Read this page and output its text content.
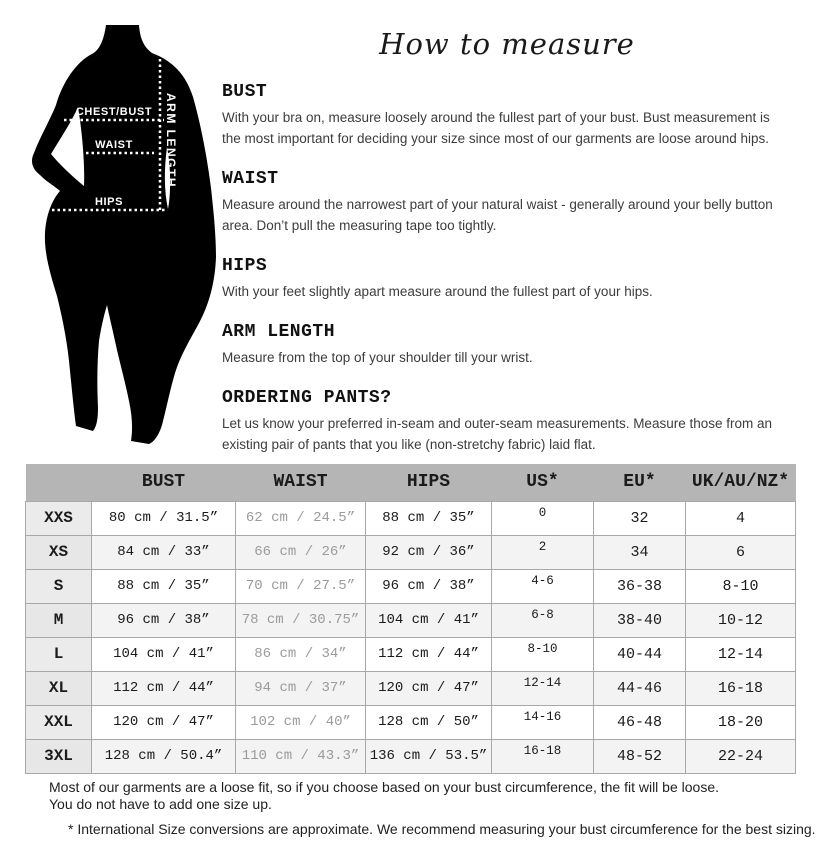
CHEST/BUST
WAIST
HIPS
ARM LENGTH
How to measure
BUST
With your bra on, measure loosely around the fullest part of your bust. Bust measurement is the most important for deciding your size since most of our garments are loose around hips.
WAIST
Measure around the narrowest part of your natural waist - generally around your belly button area. Don’t pull the measuring tape too tightly.
HIPS
With your feet slightly apart measure around the fullest part of your hips.
ARM LENGTH
Measure from the top of your shoulder till your wrist.
ORDERING PANTS?
Let us know your preferred in-seam and outer-seam measurements. Measure those from an existing pair of pants that you like (non-stretchy fabric) laid flat.
	BUST	WAIST	HIPS	US*	EU*	UK/AU/NZ*
XXS	80 cm / 31.5”	62 cm / 24.5”	88 cm / 35”	0	32	4
XS	84 cm / 33”	66 cm / 26”	92 cm / 36”	2	34	6
S	88 cm / 35”	70 cm / 27.5”	96 cm / 38”	4-6	36-38	8-10
M	96 cm / 38”	78 cm / 30.75”	104 cm / 41”	6-8	38-40	10-12
L	104 cm / 41”	86 cm / 34”	112 cm / 44”	8-10	40-44	12-14
XL	112 cm / 44”	94 cm / 37”	120 cm / 47”	12-14	44-46	16-18
XXL	120 cm / 47”	102 cm / 40”	128 cm / 50”	14-16	46-48	18-20
3XL	128 cm / 50.4”	110 cm / 43.3”	136 cm / 53.5”	16-18	48-52	22-24
Most of our garments are a loose fit, so if you choose based on your bust circumference, the fit will be loose.
You do not have to add one size up.
* International Size conversions are approximate. We recommend measuring your bust circumference for the best sizing.
